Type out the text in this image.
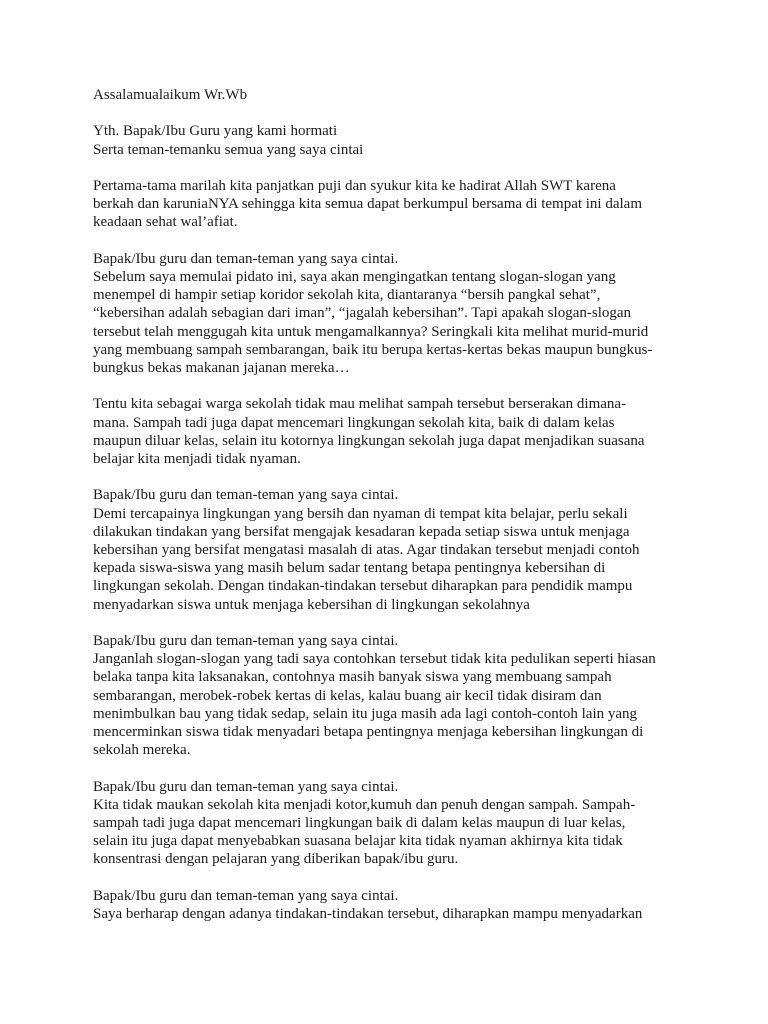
Assalamualaikum Wr.Wb
Yth. Bapak/Ibu Guru yang kami hormati
Serta teman-temanku semua yang saya cintai
Pertama-tama marilah kita panjatkan puji dan syukur kita ke hadirat Allah SWT karena
berkah dan karuniaNYA sehingga kita semua dapat berkumpul bersama di tempat ini dalam
keadaan sehat wal’afiat.
Bapak/Ibu guru dan teman-teman yang saya cintai.
Sebelum saya memulai pidato ini, saya akan mengingatkan tentang slogan-slogan yang
menempel di hampir setiap koridor sekolah kita, diantaranya “bersih pangkal sehat”,
“kebersihan adalah sebagian dari iman”, “jagalah kebersihan”. Tapi apakah slogan-slogan
tersebut telah menggugah kita untuk mengamalkannya? Seringkali kita melihat murid-murid
yang membuang sampah sembarangan, baik itu berupa kertas-kertas bekas maupun bungkus-
bungkus bekas makanan jajanan mereka…
Tentu kita sebagai warga sekolah tidak mau melihat sampah tersebut berserakan dimana-
mana. Sampah tadi juga dapat mencemari lingkungan sekolah kita, baik di dalam kelas
maupun diluar kelas, selain itu kotornya lingkungan sekolah juga dapat menjadikan suasana
belajar kita menjadi tidak nyaman.
Bapak/Ibu guru dan teman-teman yang saya cintai.
Demi tercapainya lingkungan yang bersih dan nyaman di tempat kita belajar, perlu sekali
dilakukan tindakan yang bersifat mengajak kesadaran kepada setiap siswa untuk menjaga
kebersihan yang bersifat mengatasi masalah di atas. Agar tindakan tersebut menjadi contoh
kepada siswa-siswa yang masih belum sadar tentang betapa pentingnya kebersihan di
lingkungan sekolah. Dengan tindakan-tindakan tersebut diharapkan para pendidik mampu
menyadarkan siswa untuk menjaga kebersihan di lingkungan sekolahnya
Bapak/Ibu guru dan teman-teman yang saya cintai.
Janganlah slogan-slogan yang tadi saya contohkan tersebut tidak kita pedulikan seperti hiasan
belaka tanpa kita laksanakan, contohnya masih banyak siswa yang membuang sampah
sembarangan, merobek-robek kertas di kelas, kalau buang air kecil tidak disiram dan
menimbulkan bau yang tidak sedap, selain itu juga masih ada lagi contoh-contoh lain yang
mencerminkan siswa tidak menyadari betapa pentingnya menjaga kebersihan lingkungan di
sekolah mereka.
Bapak/Ibu guru dan teman-teman yang saya cintai.
Kita tidak maukan sekolah kita menjadi kotor,kumuh dan penuh dengan sampah. Sampah-
sampah tadi juga dapat mencemari lingkungan baik di dalam kelas maupun di luar kelas,
selain itu juga dapat menyebabkan suasana belajar kita tidak nyaman akhirnya kita tidak
konsentrasi dengan pelajaran yang diberikan bapak/ibu guru.
Bapak/Ibu guru dan teman-teman yang saya cintai.
Saya berharap dengan adanya tindakan-tindakan tersebut, diharapkan mampu menyadarkan
